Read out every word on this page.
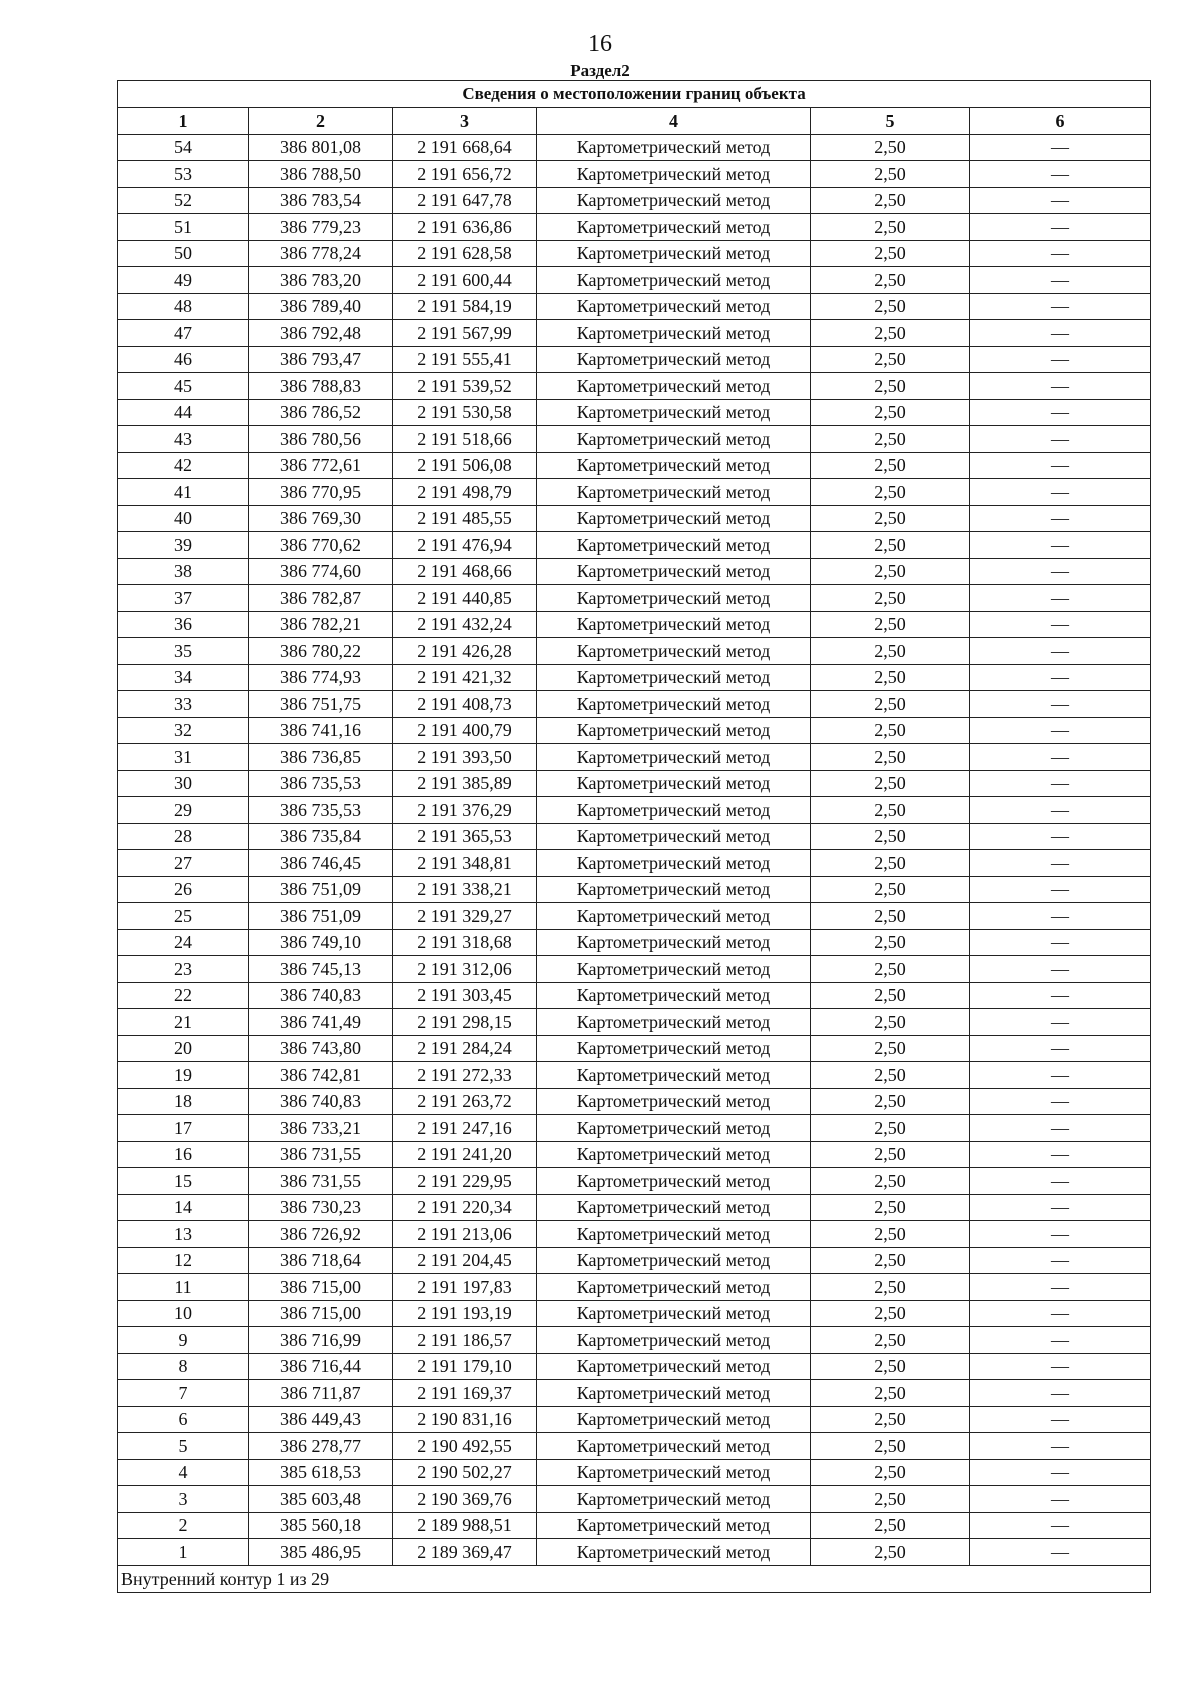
16
Раздел2
Сведения о местоположении границ объекта					
1	2	3	4	5	6
54	386 801,08	2 191 668,64	Картометрический метод	2,50	—
53	386 788,50	2 191 656,72	Картометрический метод	2,50	—
52	386 783,54	2 191 647,78	Картометрический метод	2,50	—
51	386 779,23	2 191 636,86	Картометрический метод	2,50	—
50	386 778,24	2 191 628,58	Картометрический метод	2,50	—
49	386 783,20	2 191 600,44	Картометрический метод	2,50	—
48	386 789,40	2 191 584,19	Картометрический метод	2,50	—
47	386 792,48	2 191 567,99	Картометрический метод	2,50	—
46	386 793,47	2 191 555,41	Картометрический метод	2,50	—
45	386 788,83	2 191 539,52	Картометрический метод	2,50	—
44	386 786,52	2 191 530,58	Картометрический метод	2,50	—
43	386 780,56	2 191 518,66	Картометрический метод	2,50	—
42	386 772,61	2 191 506,08	Картометрический метод	2,50	—
41	386 770,95	2 191 498,79	Картометрический метод	2,50	—
40	386 769,30	2 191 485,55	Картометрический метод	2,50	—
39	386 770,62	2 191 476,94	Картометрический метод	2,50	—
38	386 774,60	2 191 468,66	Картометрический метод	2,50	—
37	386 782,87	2 191 440,85	Картометрический метод	2,50	—
36	386 782,21	2 191 432,24	Картометрический метод	2,50	—
35	386 780,22	2 191 426,28	Картометрический метод	2,50	—
34	386 774,93	2 191 421,32	Картометрический метод	2,50	—
33	386 751,75	2 191 408,73	Картометрический метод	2,50	—
32	386 741,16	2 191 400,79	Картометрический метод	2,50	—
31	386 736,85	2 191 393,50	Картометрический метод	2,50	—
30	386 735,53	2 191 385,89	Картометрический метод	2,50	—
29	386 735,53	2 191 376,29	Картометрический метод	2,50	—
28	386 735,84	2 191 365,53	Картометрический метод	2,50	—
27	386 746,45	2 191 348,81	Картометрический метод	2,50	—
26	386 751,09	2 191 338,21	Картометрический метод	2,50	—
25	386 751,09	2 191 329,27	Картометрический метод	2,50	—
24	386 749,10	2 191 318,68	Картометрический метод	2,50	—
23	386 745,13	2 191 312,06	Картометрический метод	2,50	—
22	386 740,83	2 191 303,45	Картометрический метод	2,50	—
21	386 741,49	2 191 298,15	Картометрический метод	2,50	—
20	386 743,80	2 191 284,24	Картометрический метод	2,50	—
19	386 742,81	2 191 272,33	Картометрический метод	2,50	—
18	386 740,83	2 191 263,72	Картометрический метод	2,50	—
17	386 733,21	2 191 247,16	Картометрический метод	2,50	—
16	386 731,55	2 191 241,20	Картометрический метод	2,50	—
15	386 731,55	2 191 229,95	Картометрический метод	2,50	—
14	386 730,23	2 191 220,34	Картометрический метод	2,50	—
13	386 726,92	2 191 213,06	Картометрический метод	2,50	—
12	386 718,64	2 191 204,45	Картометрический метод	2,50	—
11	386 715,00	2 191 197,83	Картометрический метод	2,50	—
10	386 715,00	2 191 193,19	Картометрический метод	2,50	—
9	386 716,99	2 191 186,57	Картометрический метод	2,50	—
8	386 716,44	2 191 179,10	Картометрический метод	2,50	—
7	386 711,87	2 191 169,37	Картометрический метод	2,50	—
6	386 449,43	2 190 831,16	Картометрический метод	2,50	—
5	386 278,77	2 190 492,55	Картометрический метод	2,50	—
4	385 618,53	2 190 502,27	Картометрический метод	2,50	—
3	385 603,48	2 190 369,76	Картометрический метод	2,50	—
2	385 560,18	2 189 988,51	Картометрический метод	2,50	—
1	385 486,95	2 189 369,47	Картометрический метод	2,50	—
Внутренний контур 1 из 29					
